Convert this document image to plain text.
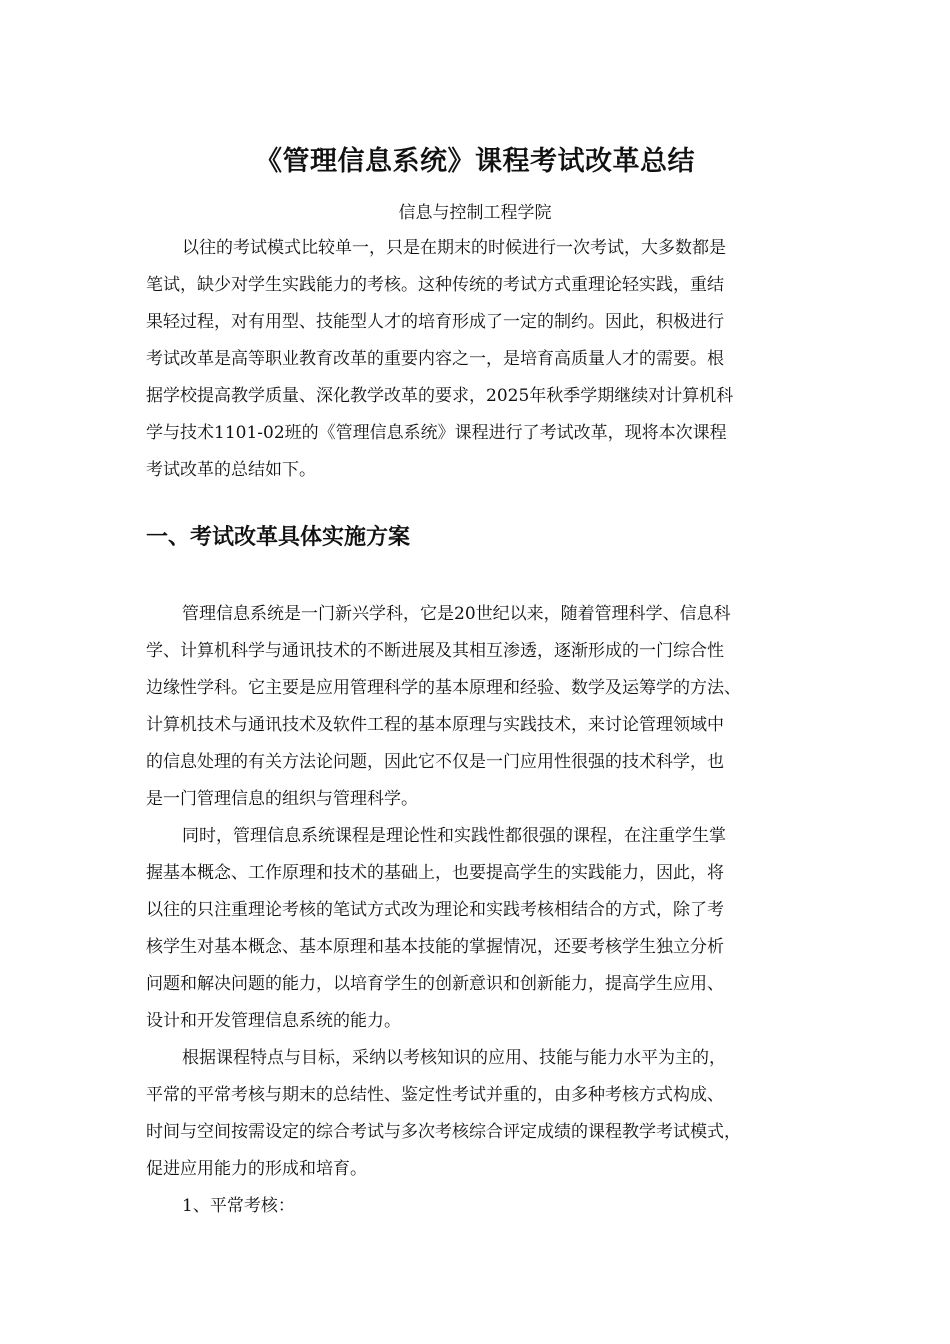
《管理信息系统》课程考试改革总结
信息与控制工程学院
以往的考试模式比较单一，只是在期末的时候进行一次考试，大多数都是
笔试，缺少对学生实践能力的考核。这种传统的考试方式重理论轻实践，重结
果轻过程，对有用型、技能型人才的培育形成了一定的制约。因此，积极进行
考试改革是高等职业教育改革的重要内容之一，是培育高质量人才的需要。根
据学校提高教学质量、深化教学改革的要求，2025年秋季学期继续对计算机科
学与技术1101-02班的《管理信息系统》课程进行了考试改革，现将本次课程
考试改革的总结如下。
一、考试改革具体实施方案
管理信息系统是一门新兴学科，它是20世纪以来，随着管理科学、信息科
学、计算机科学与通讯技术的不断进展及其相互渗透，逐渐形成的一门综合性
边缘性学科。它主要是应用管理科学的基本原理和经验、数学及运筹学的方法、
计算机技术与通讯技术及软件工程的基本原理与实践技术，来讨论管理领域中
的信息处理的有关方法论问题，因此它不仅是一门应用性很强的技术科学，也
是一门管理信息的组织与管理科学。
同时，管理信息系统课程是理论性和实践性都很强的课程，在注重学生掌
握基本概念、工作原理和技术的基础上，也要提高学生的实践能力，因此，将
以往的只注重理论考核的笔试方式改为理论和实践考核相结合的方式，除了考
核学生对基本概念、基本原理和基本技能的掌握情况，还要考核学生独立分析
问题和解决问题的能力，以培育学生的创新意识和创新能力，提高学生应用、
设计和开发管理信息系统的能力。
根据课程特点与目标，采纳以考核知识的应用、技能与能力水平为主的，
平常的平常考核与期末的总结性、鉴定性考试并重的，由多种考核方式构成、
时间与空间按需设定的综合考试与多次考核综合评定成绩的课程教学考试模式，
促进应用能力的形成和培育。
1、平常考核：
